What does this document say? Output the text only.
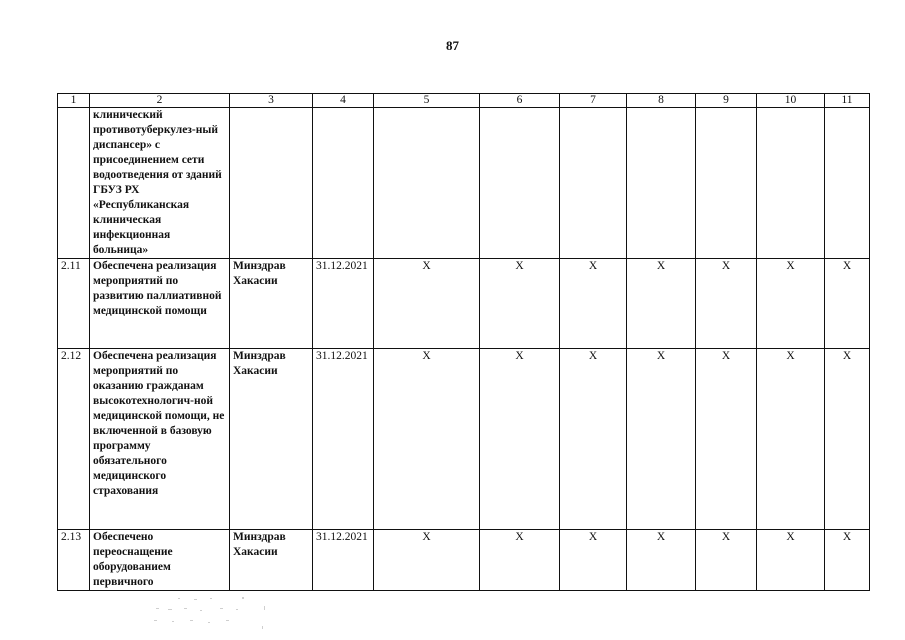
87
1	2	3	4	5	6	7	8	9	10	11
	клинический противотуберкулез-ный диспансер» с присоединением сети водоотведения от зданий ГБУЗ РХ «Республиканская клиническая инфекционная больница»									
2.11	Обеспечена реализация мероприятий по развитию паллиативной медицинской помощи	Минздрав Хакасии	31.12.2021	X	X	X	X	X	X	X
2.12	Обеспечена реализация мероприятий по оказанию гражданам высокотехнологич-ной медицинской помощи, не включенной в базовую программу обязательного медицинского страхования	Минздрав Хакасии	31.12.2021	X	X	X	X	X	X	X
2.13	Обеспечено переоснащение оборудованием первичного	Минздрав Хакасии	31.12.2021	X	X	X	X	X	X	X
